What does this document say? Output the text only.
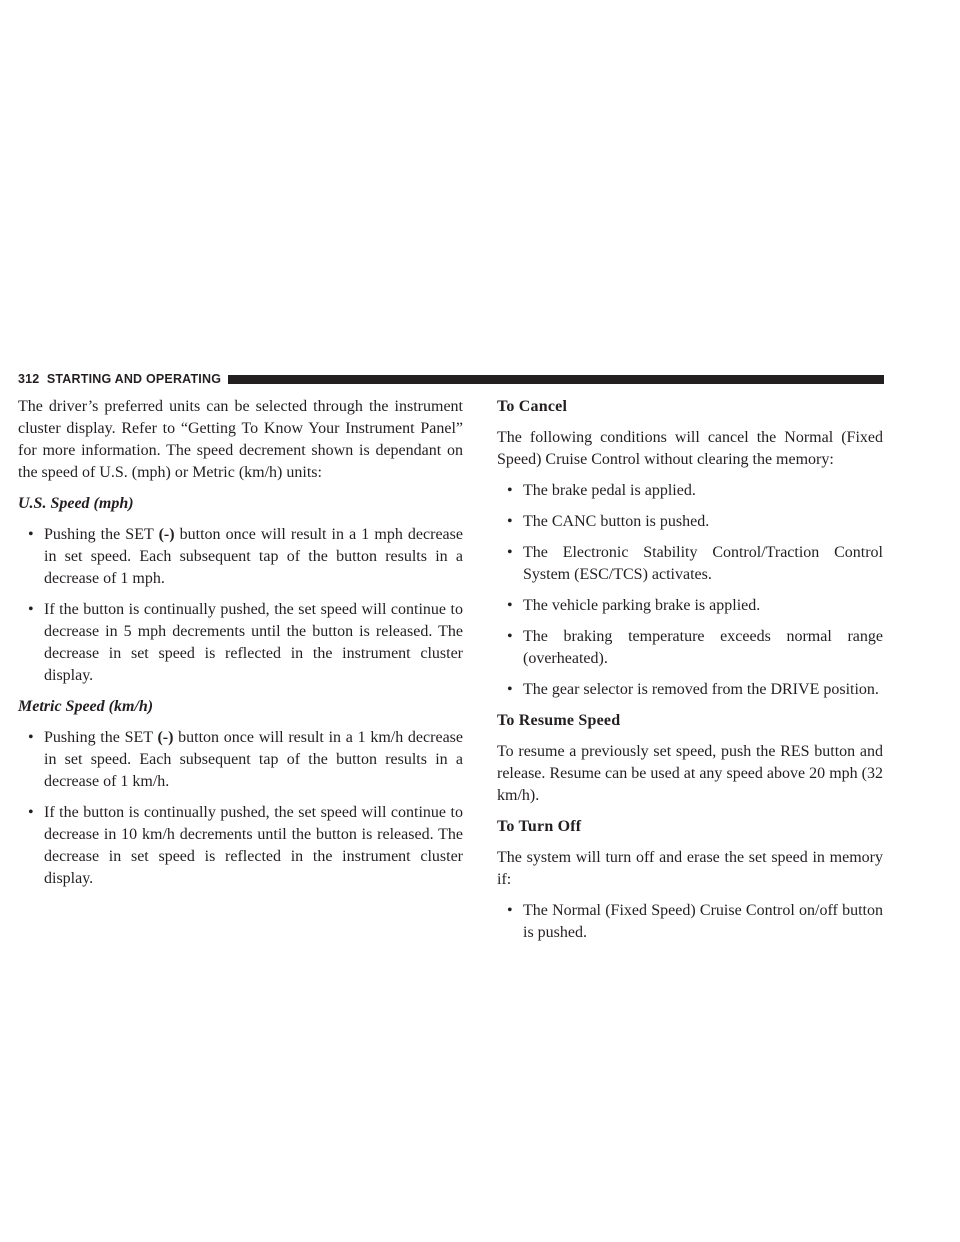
312 STARTING AND OPERATING

The driver’s preferred units can be selected through the instrument cluster display. Refer to “Getting To Know Your Instrument Panel” for more information. The speed decrement shown is dependant on the speed of U.S. (mph) or Metric (km/h) units:

U.S. Speed (mph)
• Pushing the SET (-) button once will result in a 1 mph decrease in set speed. Each subsequent tap of the button results in a decrease of 1 mph.
• If the button is continually pushed, the set speed will continue to decrease in 5 mph decrements until the button is released. The decrease in set speed is reflected in the instrument cluster display.
Metric Speed (km/h)
• Pushing the SET (-) button once will result in a 1 km/h decrease in set speed. Each subsequent tap of the button results in a decrease of 1 km/h.
• If the button is continually pushed, the set speed will continue to decrease in 10 km/h decrements until the button is released. The decrease in set speed is reflected in the instrument cluster display.
To Cancel

The following conditions will cancel the Normal (Fixed Speed) Cruise Control without clearing the memory:

• The brake pedal is applied.
• The CANC button is pushed.
• The Electronic Stability Control/Traction Control System (ESC/TCS) activates.
• The vehicle parking brake is applied.
• The braking temperature exceeds normal range (overheated).
• The gear selector is removed from the DRIVE position.
To Resume Speed

To resume a previously set speed, push the RES button and release. Resume can be used at any speed above 20 mph (32 km/h).

To Turn Off

The system will turn off and erase the set speed in memory if:

• The Normal (Fixed Speed) Cruise Control on/off button is pushed.
